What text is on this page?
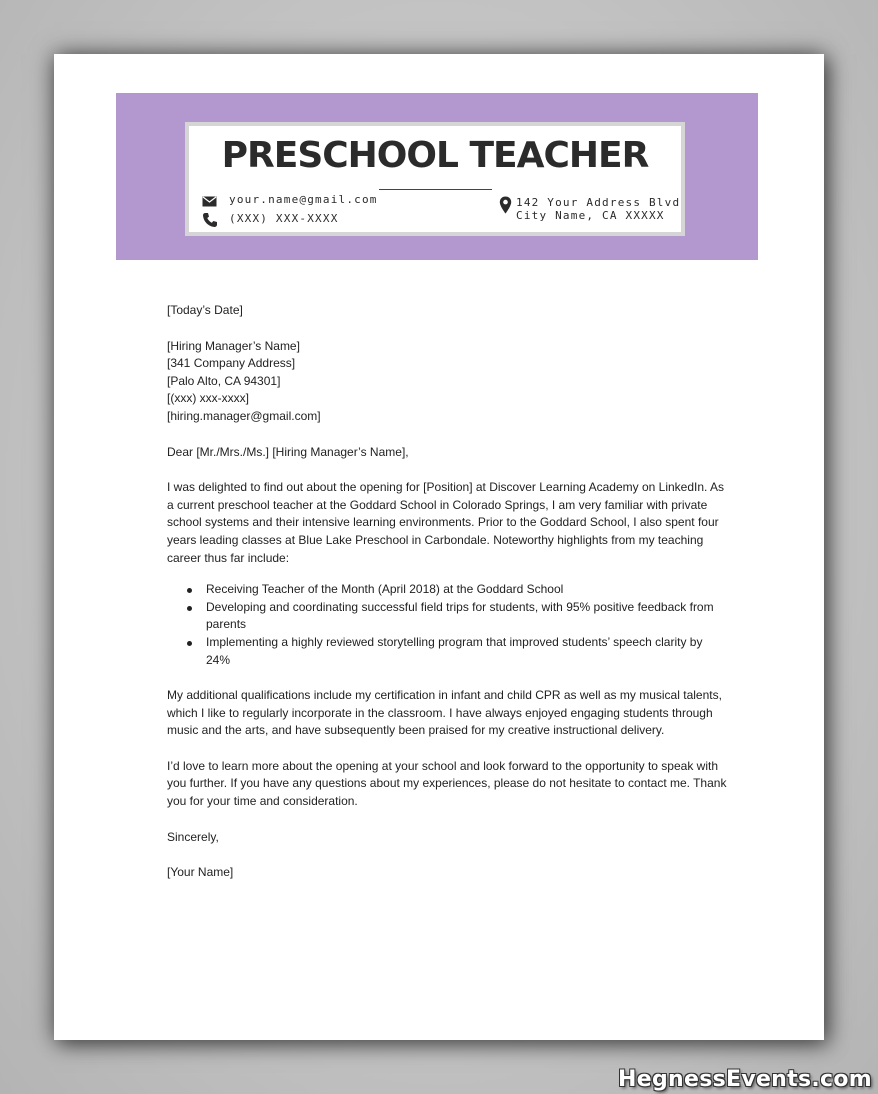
PRESCHOOL TEACHER
your.name@gmail.com
(XXX) XXX-XXXX
142 Your Address Blvd
City Name, CA XXXXX

[Today’s Date]

[Hiring Manager’s Name]
[341 Company Address]
[Palo Alto, CA 94301]
[(xxx) xxx-xxxx]
[hiring.manager@gmail.com]

Dear [Mr./Mrs./Ms.] [Hiring Manager’s Name],

I was delighted to find out about the opening for [Position] at Discover Learning Academy on LinkedIn. As a current preschool teacher at the Goddard School in Colorado Springs, I am very familiar with private school systems and their intensive learning environments. Prior to the Goddard School, I also spent four years leading classes at Blue Lake Preschool in Carbondale. Noteworthy highlights from my teaching career thus far include:

Receiving Teacher of the Month (April 2018) at the Goddard School
Developing and coordinating successful field trips for students, with 95% positive feedback from parents
Implementing a highly reviewed storytelling program that improved students’ speech clarity by 24%

My additional qualifications include my certification in infant and child CPR as well as my musical talents, which I like to regularly incorporate in the classroom. I have always enjoyed engaging students through music and the arts, and have subsequently been praised for my creative instructional delivery.

I’d love to learn more about the opening at your school and look forward to the opportunity to speak with you further. If you have any questions about my experiences, please do not hesitate to contact me. Thank you for your time and consideration.

Sincerely,

[Your Name]

HegnessEvents.com
